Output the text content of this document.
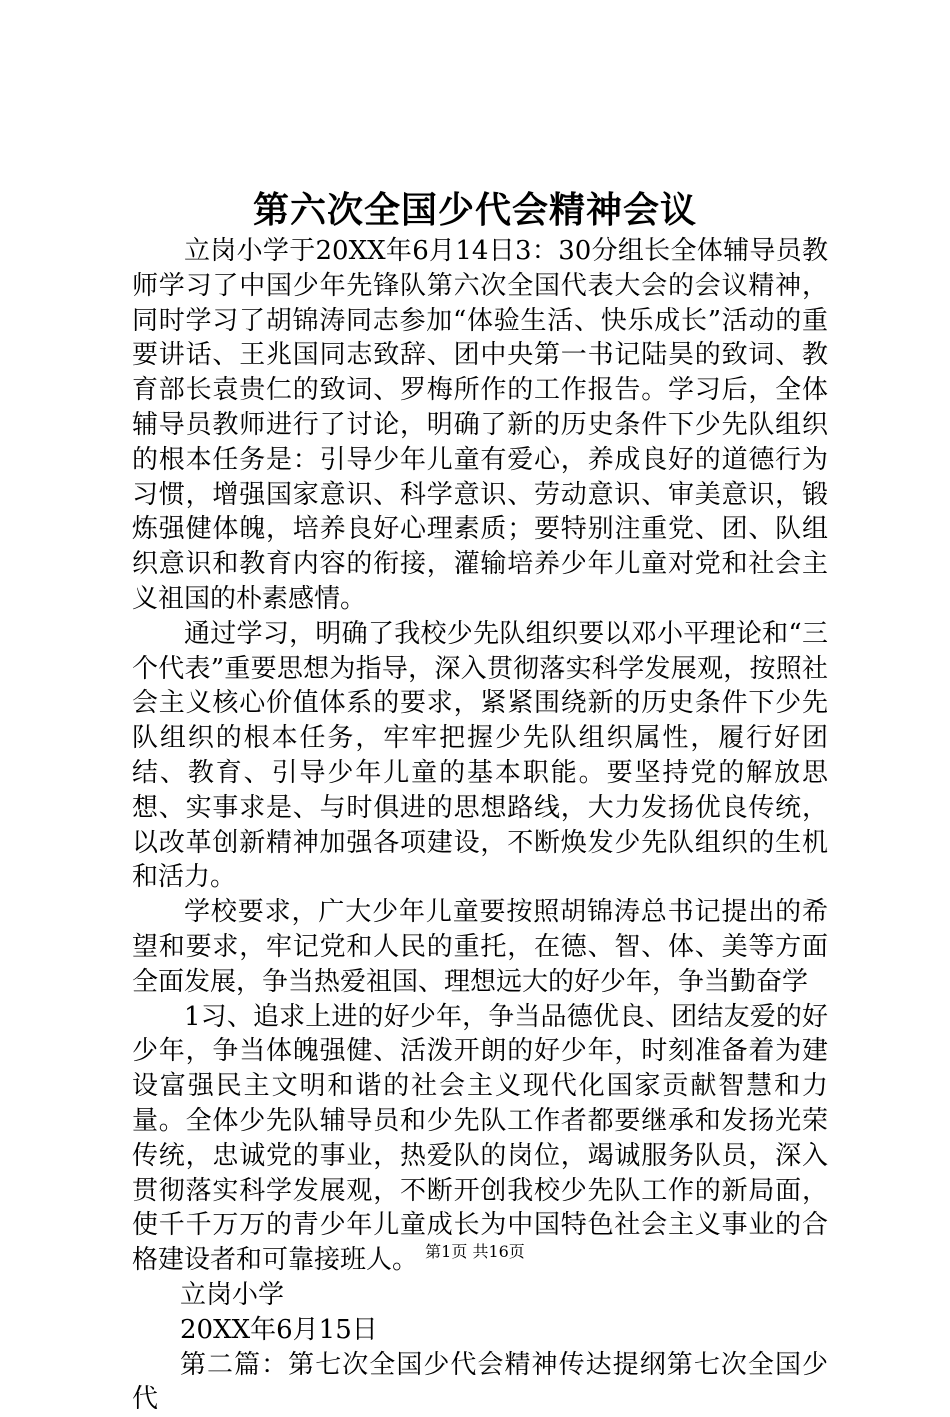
第六次全国少代会精神会议

立岗小学于20XX年6月14日3：30分组长全体辅导员教师学习了中国少年先锋队第六次全国代表大会的会议精神，同时学习了胡锦涛同志参加“体验生活、快乐成长”活动的重要讲话、王兆国同志致辞、团中央第一书记陆昊的致词、教育部长袁贵仁的致词、罗梅所作的工作报告。学习后，全体辅导员教师进行了讨论，明确了新的历史条件下少先队组织的根本任务是：引导少年儿童有爱心，养成良好的道德行为习惯，增强国家意识、科学意识、劳动意识、审美意识，锻炼强健体魄，培养良好心理素质；要特别注重党、团、队组织意识和教育内容的衔接，灌输培养少年儿童对党和社会主义祖国的朴素感情。

通过学习，明确了我校少先队组织要以邓小平理论和“三个代表”重要思想为指导，深入贯彻落实科学发展观，按照社会主义核心价值体系的要求，紧紧围绕新的历史条件下少先队组织的根本任务，牢牢把握少先队组织属性，履行好团结、教育、引导少年儿童的基本职能。要坚持党的解放思想、实事求是、与时俱进的思想路线，大力发扬优良传统，以改革创新精神加强各项建设，不断焕发少先队组织的生机和活力。

学校要求，广大少年儿童要按照胡锦涛总书记提出的希望和要求，牢记党和人民的重托，在德、智、体、美等方面全面发展，争当热爱祖国、理想远大的好少年，争当勤奋学

1习、追求上进的好少年，争当品德优良、团结友爱的好少年，争当体魄强健、活泼开朗的好少年，时刻准备着为建设富强民主文明和谐的社会主义现代化国家贡献智慧和力量。全体少先队辅导员和少先队工作者都要继承和发扬光荣传统，忠诚党的事业，热爱队的岗位，竭诚服务队员，深入贯彻落实科学发展观，不断开创我校少先队工作的新局面，使千千万万的青少年儿童成长为中国特色社会主义事业的合格建设者和可靠接班人。

立岗小学

20XX年6月15日

第二篇：第七次全国少代会精神传达提纲第七次全国少代

第1页 共16页
